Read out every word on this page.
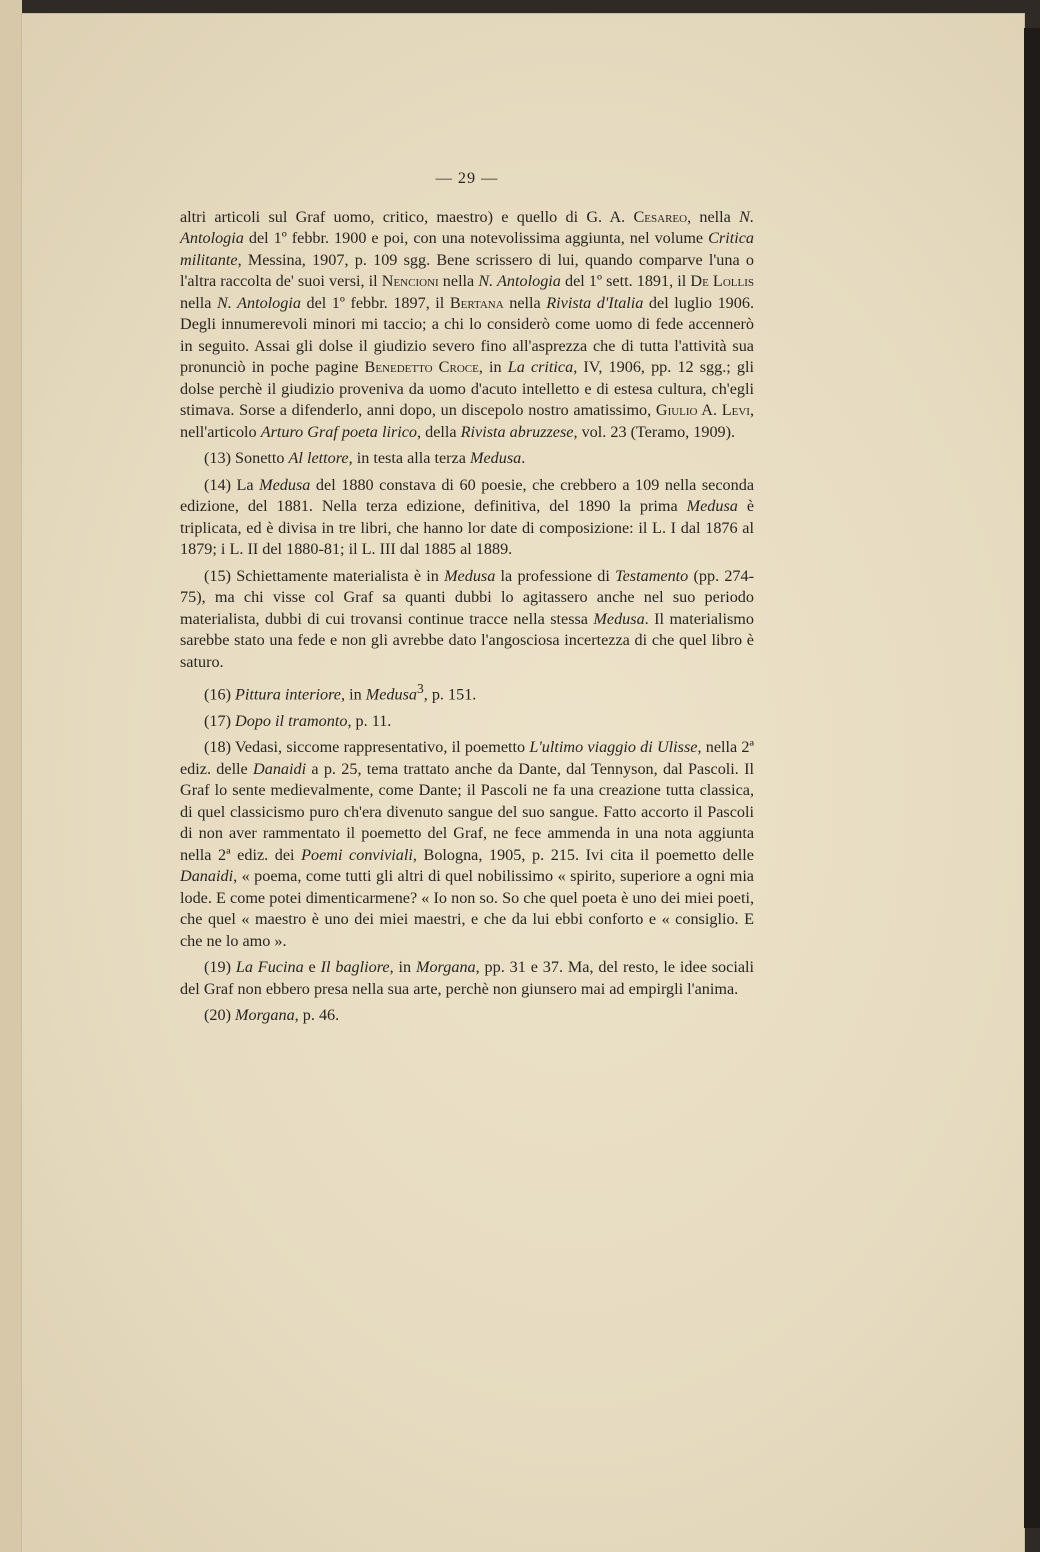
— 29 —

altri articoli sul Graf uomo, critico, maestro) e quello di G. A. Cesareo, nella N. Antologia del 1º febbr. 1900 e poi, con una notevolissima aggiunta, nel volume Critica militante, Messina, 1907, p. 109 sgg. Bene scrissero di lui, quando comparve l'una o l'altra raccolta de' suoi versi, il Nencioni nella N. Antologia del 1º sett. 1891, il De Lollis nella N. Antologia del 1º febbr. 1897, il Bertana nella Rivista d'Italia del luglio 1906. Degli innumerevoli minori mi taccio; a chi lo considerò come uomo di fede accennerò in seguito. Assai gli dolse il giudizio severo fino all'asprezza che di tutta l'attività sua pronunciò in poche pagine Benedetto Croce, in La critica, IV, 1906, pp. 12 sgg.; gli dolse perchè il giudizio proveniva da uomo d'acuto intelletto e di estesa cultura, ch'egli stimava. Sorse a difenderlo, anni dopo, un discepolo nostro amatissimo, Giulio A. Levi, nell'articolo Arturo Graf poeta lirico, della Rivista abruzzese, vol. 23 (Teramo, 1909).

(13) Sonetto Al lettore, in testa alla terza Medusa.

(14) La Medusa del 1880 constava di 60 poesie, che crebbero a 109 nella seconda edizione, del 1881. Nella terza edizione, definitiva, del 1890 la prima Medusa è triplicata, ed è divisa in tre libri, che hanno lor date di composizione: il L. I dal 1876 al 1879; i L. II del 1880-81; il L. III dal 1885 al 1889.

(15) Schiettamente materialista è in Medusa la professione di Testamento (pp. 274-75), ma chi visse col Graf sa quanti dubbi lo agitassero anche nel suo periodo materialista, dubbi di cui trovansi continue tracce nella stessa Medusa. Il materialismo sarebbe stato una fede e non gli avrebbe dato l'angosciosa incertezza di che quel libro è saturo.

(16) Pittura interiore, in Medusa$^3$, p. 151.

(17) Dopo il tramonto, p. 11.

(18) Vedasi, siccome rappresentativo, il poemetto L'ultimo viaggio di Ulisse, nella 2ª ediz. delle Danaidi a p. 25, tema trattato anche da Dante, dal Tennyson, dal Pascoli. Il Graf lo sente medievalmente, come Dante; il Pascoli ne fa una creazione tutta classica, di quel classicismo puro ch'era divenuto sangue del suo sangue. Fatto accorto il Pascoli di non aver rammentato il poemetto del Graf, ne fece ammenda in una nota aggiunta nella 2ª ediz. dei Poemi conviviali, Bologna, 1905, p. 215. Ivi cita il poemetto delle Danaidi, « poema, come tutti gli altri di quel nobilissimo « spirito, superiore a ogni mia lode. E come potei dimenticarmene? « Io non so. So che quel poeta è uno dei miei poeti, che quel « maestro è uno dei miei maestri, e che da lui ebbi conforto e « consiglio. E che ne lo amo ».

(19) La Fucina e Il bagliore, in Morgana, pp. 31 e 37. Ma, del resto, le idee sociali del Graf non ebbero presa nella sua arte, perchè non giunsero mai ad empirgli l'anima.

(20) Morgana, p. 46.
